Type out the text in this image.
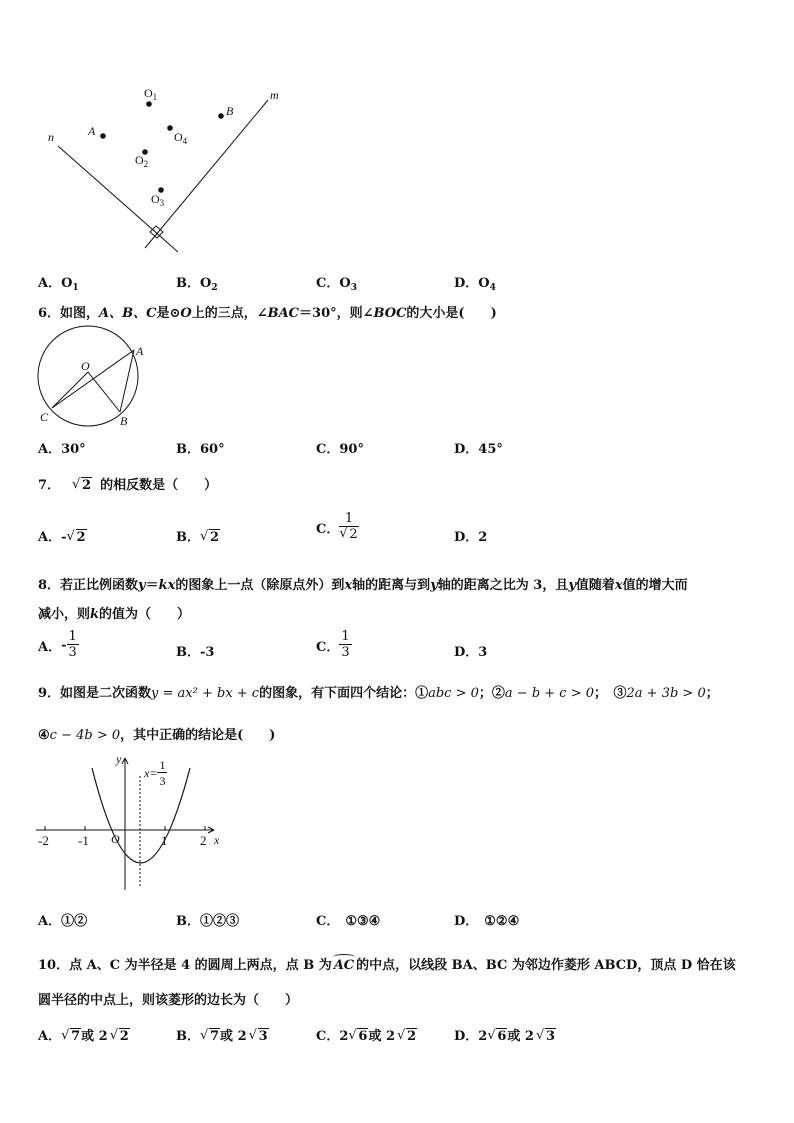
m
n	A
B
$O_1$
$O_2$
$O_3$
$O_4$
A．$O_1$	B．$O_2$	C．$O_3$	D．$O_4$
6．如图，A、B、C是⊙O上的三点，∠BAC＝30°，则∠BOC的大小是(　　)
O
A
B
C
A．30°	B．60°	C．90°	D．45°
7． √ 2 的相反数是（　　）
A．- √ 2	B． √ 2
C． 1
√ 2	D．2
8．若正比例函数y＝kx的图象上一点（除原点外）到x轴的距离与到y轴的距离之比为 3，且y值随着x值的增大而
减小，则k的值为（　　）
A．- $\frac{1}{3}$	B．-3	C． $\frac{1}{3}$	D．3
9．如图是二次函数y = ax² + bx + c的图象，有下面四个结论：①abc > 0；②a − b + c > 0；　③2a + 3b > 0；
④c − 4b > 0，其中正确的结论是(　　)
y
x
O
$x= \frac{1}{3}$
-2 -1	1	2
A．①②	B．①②③	C． ①③④	D． ①②④
10．点 A、C 为半径是 4 的圆周上两点，点 B 为 AC 的中点，以线段 BA、BC 为邻边作菱形 ABCD，顶点 D 恰在该
圆半径的中点上，则该菱形的边长为（　　）
A． √ 7或 2 √ 2	B． √ 7或 2 √ 3	C．2 √ 6或 2 √ 2	D．2 √ 6或 2 √ 3
